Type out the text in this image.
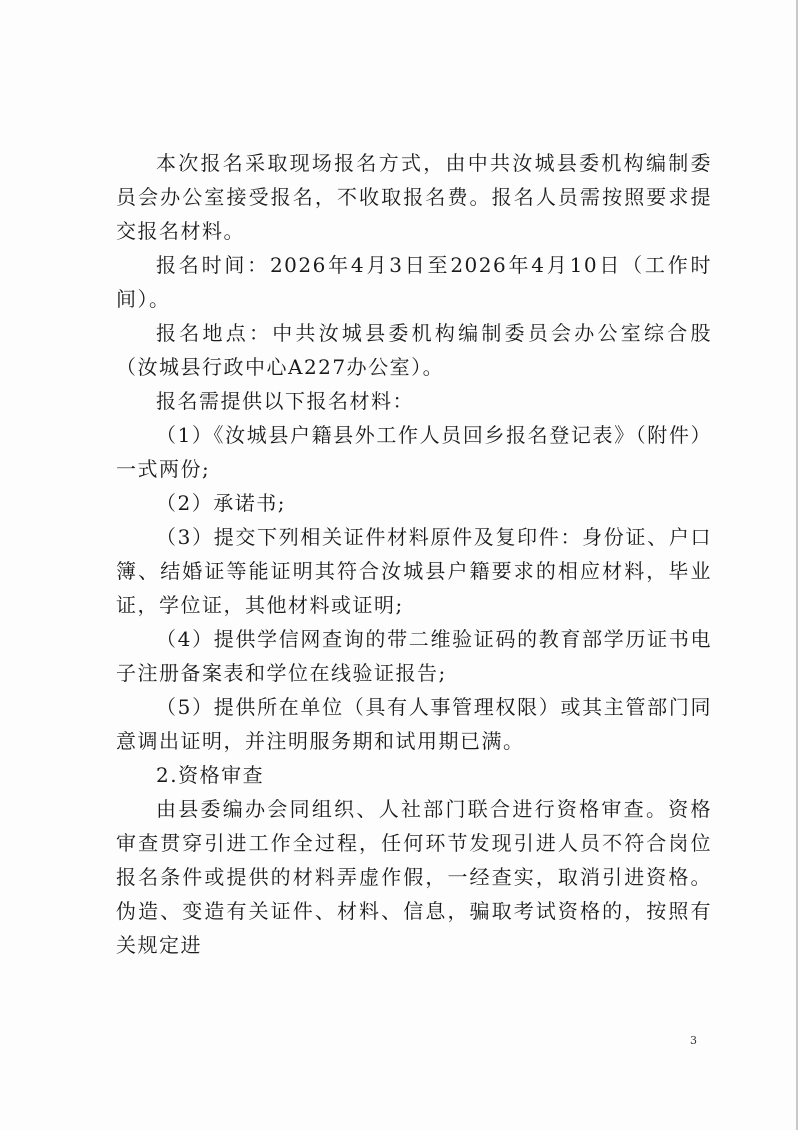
本次报名采取现场报名方式，由中共汝城县委机构编制委员会办公室接受报名，不收取报名费。报名人员需按照要求提交报名材料。

报名时间：2026年4月3日至2026年4月10日（工作时间）。

报名地点：中共汝城县委机构编制委员会办公室综合股（汝城县行政中心A227办公室）。

报名需提供以下报名材料：

（1）《汝城县户籍县外工作人员回乡报名登记表》（附件）一式两份;

（2）承诺书;

（3）提交下列相关证件材料原件及复印件：身份证、户口簿、结婚证等能证明其符合汝城县户籍要求的相应材料，毕业证，学位证，其他材料或证明;

（4）提供学信网查询的带二维验证码的教育部学历证书电子注册备案表和学位在线验证报告;

（5）提供所在单位（具有人事管理权限）或其主管部门同意调出证明，并注明服务期和试用期已满。

2.资格审查

由县委编办会同组织、人社部门联合进行资格审查。资格审查贯穿引进工作全过程，任何环节发现引进人员不符合岗位报名条件或提供的材料弄虚作假，一经查实，取消引进资格。伪造、变造有关证件、材料、信息，骗取考试资格的，按照有关规定进

3
